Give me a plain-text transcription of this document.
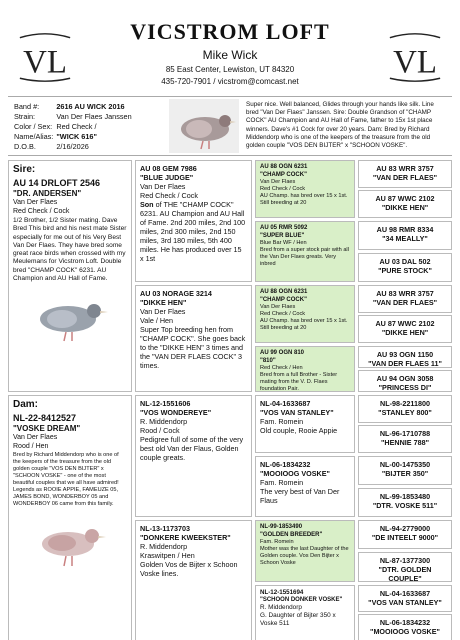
VL	VL
VICSTROM LOFT
Mike Wick
85 East Center, Lewiston, UT 84320
435-720-7901 / vicstrom@comcast.net
Band #:	2616 AU WICK 2016
Strain:	Van Der Flaes Janssen
Color / Sex:	Red Check /
Name/Alias:	"WICK 616"
D.O.B.	2/16/2026
Super nice. Well balanced, Glides through your hands like silk. Line bred "Van Der Flaes" Janssen. Sire: Double Grandson of "CHAMP COCK" AU Champion and AU Hall of Fame, father to 15x 1st place winners. Dave's #1 Cock for over 20 years. Dam: Bred by Richard Middendorp who is one of the keepers of the treasure from the old golden couple "VOS DEN BIJTER" x "SCHOON VOSKE".
Sire:
AU 14 DRLOFT 2546
"DR. ANDERSEN"
Van Der Flaes
Red Check / Cock
1/2 Brother, 1/2 Sister mating. Dave Bred This bird and his nest mate Sister especially for me out of his Very Best Van Der Flaes. They have bred some great race birds when crossed with my Meulemans for Vicstrom Loft. Double bred "CHAMP COCK" 6231. AU Champion and AU Hall of Fame.
Dam:
NL-22-8412527
"VOSKE DREAM"
Van Der Flaes
Rood / Hen
Bred by Richard Middendorp who is one of the keepers of the treasure from the old golden couple "VOS DEN BIJTER" x "SCHOON VOSKE" - one of the most beautiful couples that we all have admired! Legends as ROOIE APPIE, FAMEUZE 05, JAMES BOND, WONDERBOY 05 and WONDERBOY 06 came from this family.
AU 08 GEM 7986
"BLUE JUDGE"
Van Der Flaes
Red Check / Cock
Son of THE "CHAMP COCK"
6231. AU Champion and AU Hall of Fame. 2nd 200 miles, 2nd 100 miles, 2nd 300 miles, 2nd 150 miles, 3rd 180 miles, 5th 400 miles. He has produced over 15 x 1st
AU 03 NORAGE 3214
"DIKKE HEN"
Van Der Flaes
Vale / Hen
Super Top breeding hen from "CHAMP COCK". She goes back to the "DIKKE HEN" 3 times and the "VAN DER FLAES COCK" 3 times.
NL-12-1551606
"VOS WONDEREYE"
R. Middendorp
Rood / Cock
Pedigree full of some of the very best old Van der Flaus, Golden couple greats.
NL-13-1173703
"DONKERE KWEEKSTER"
R. Middendorp
Kraswitpen / Hen
Golden Vos de Bijter x Schoon Voske lines.
AU 88 OGN 6231
"CHAMP COCK"
Van Der Flaes
Red Check / Cock
AU Champ. has bred over 15 x 1st. Still breeding at 20
AU 05 RMR 5092
"SUPER BLUE"
Blue Bar WF / Hen
Bred from a super stock pair with all the Van Der Flaes greats. Very inbred
AU 88 OGN 6231
"CHAMP COCK"
Van Der Flaes
Red Check / Cock
AU Champ. has bred over 15 x 1st. Still breeding at 20
AU 99 OGN 810
"810"
Red Check / Hen
Bred from a full Brother - Sister mating from the V. D. Flaes foundation Pair.
NL-04-1633687
"VOS VAN STANLEY"
Fam. Romein
Old couple, Rooie Appie
NL-06-1834232
"MOOIOOG VOSKE"
Fam. Romein
The very best of Van Der Flaus
NL-99-1853490
"GOLDEN BREEDER"
Fam. Romein
Mother was the last Daughter of the Golden couple. Vos Den Bijter x Schoon Voske
NL-12-1551694
"SCHOON DONKER VOSKE"
R. Middendorp
G. Daughter of Bijter 350 x Voske 511
AU 83 WRR 3757
"VAN DER FLAES"
AU 87 WWC 2102
"DIKKE HEN"
AU 98 RMR 8334
"34 MEALLY"
AU 03 DAL 502
"PURE STOCK"
AU 83 WRR 3757
"VAN DER FLAES"
AU 87 WWC 2102
"DIKKE HEN"
AU 93 OGN 1150
"VAN DER FLAES 11"
AU 94 OGN 3058
"PRINCESS DI"
NL-98-2211800
"STANLEY 800"
NL-96-1710788
"HENNIE 788"
NL-00-1475350
"BIJTER 350"
NL-99-1853480
"DTR. VOSKE 511"
NL-94-2779000
"DE INTEELT 9000"
NL-87-1377300
"DTR. GOLDEN COUPLE"
NL-04-1633687
"VOS VAN STANLEY"
NL-06-1834232
"MOOIOOG VOSKE"
